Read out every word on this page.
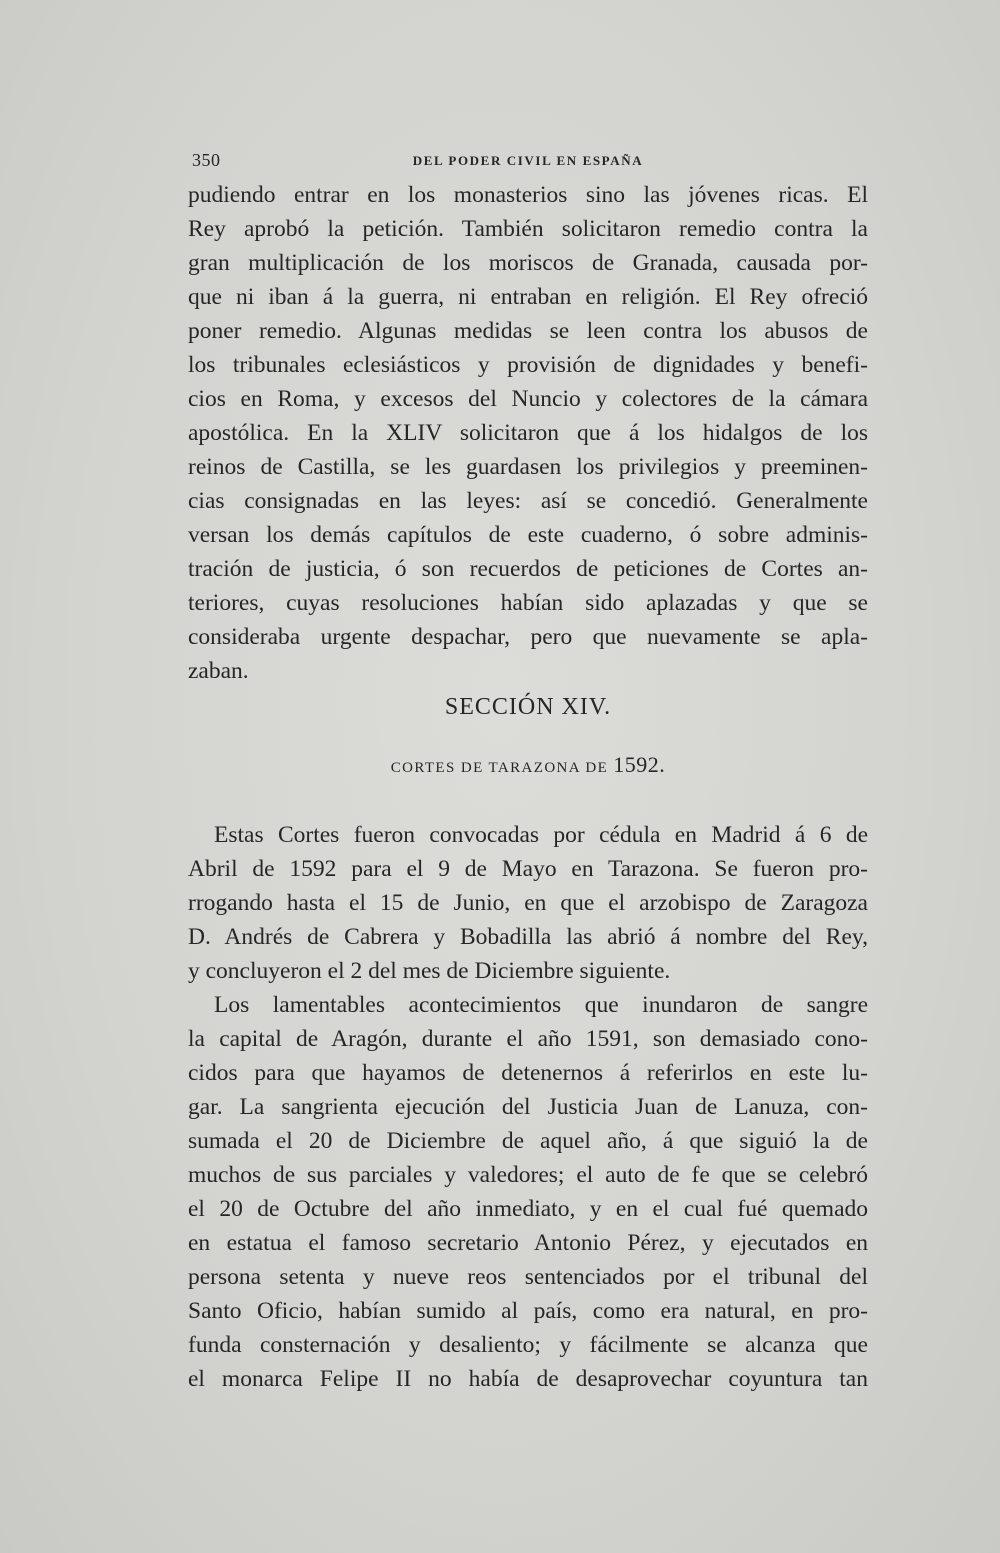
350	DEL PODER CIVIL EN ESPAÑA
pudiendo entrar en los monasterios sino las jóvenes ricas. El
Rey aprobó la petición. También solicitaron remedio contra la
gran multiplicación de los moriscos de Granada, causada por-
que ni iban á la guerra, ni entraban en religión. El Rey ofreció
poner remedio. Algunas medidas se leen contra los abusos de
los tribunales eclesiásticos y provisión de dignidades y benefi-
cios en Roma, y excesos del Nuncio y colectores de la cámara
apostólica. En la XLIV solicitaron que á los hidalgos de los
reinos de Castilla, se les guardasen los privilegios y preeminen-
cias consignadas en las leyes: así se concedió. Generalmente
versan los demás capítulos de este cuaderno, ó sobre adminis-
tración de justicia, ó son recuerdos de peticiones de Cortes an-
teriores, cuyas resoluciones habían sido aplazadas y que se
consideraba urgente despachar, pero que nuevamente se apla-
zaban.
SECCIÓN XIV.
CORTES DE TARAZONA DE 1592.
Estas Cortes fueron convocadas por cédula en Madrid á 6 de
Abril de 1592 para el 9 de Mayo en Tarazona. Se fueron pro-
rrogando hasta el 15 de Junio, en que el arzobispo de Zaragoza
D. Andrés de Cabrera y Bobadilla las abrió á nombre del Rey,
y concluyeron el 2 del mes de Diciembre siguiente.
Los lamentables acontecimientos que inundaron de sangre
la capital de Aragón, durante el año 1591, son demasiado cono-
cidos para que hayamos de detenernos á referirlos en este lu-
gar. La sangrienta ejecución del Justicia Juan de Lanuza, con-
sumada el 20 de Diciembre de aquel año, á que siguió la de
muchos de sus parciales y valedores; el auto de fe que se celebró
el 20 de Octubre del año inmediato, y en el cual fué quemado
en estatua el famoso secretario Antonio Pérez, y ejecutados en
persona setenta y nueve reos sentenciados por el tribunal del
Santo Oficio, habían sumido al país, como era natural, en pro-
funda consternación y desaliento; y fácilmente se alcanza que
el monarca Felipe II no había de desaprovechar coyuntura tan
